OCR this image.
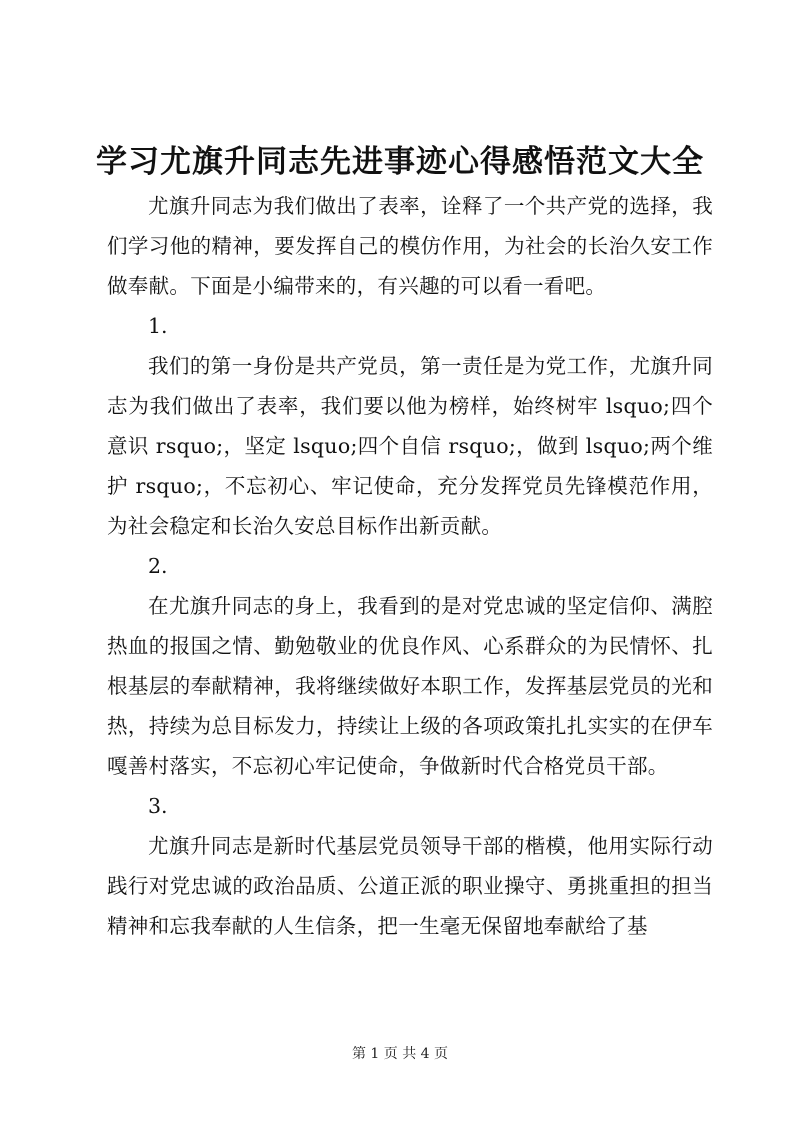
学习尤旗升同志先进事迹心得感悟范文大全

尤旗升同志为我们做出了表率，诠释了一个共产党的选择，我们学习他的精神，要发挥自己的模仿作用，为社会的长治久安工作做奉献。下面是小编带来的，有兴趣的可以看一看吧。

1.

我们的第一身份是共产党员，第一责任是为党工作，尤旗升同志为我们做出了表率，我们要以他为榜样，始终树牢 lsquo;四个意识 rsquo;，坚定 lsquo;四个自信 rsquo;，做到 lsquo;两个维护 rsquo;，不忘初心、牢记使命，充分发挥党员先锋模范作用，为社会稳定和长治久安总目标作出新贡献。

2.

在尤旗升同志的身上，我看到的是对党忠诚的坚定信仰、满腔热血的报国之情、勤勉敬业的优良作风、心系群众的为民情怀、扎根基层的奉献精神，我将继续做好本职工作，发挥基层党员的光和热，持续为总目标发力，持续让上级的各项政策扎扎实实的在伊车嘎善村落实，不忘初心牢记使命，争做新时代合格党员干部。

3.

尤旗升同志是新时代基层党员领导干部的楷模，他用实际行动践行对党忠诚的政治品质、公道正派的职业操守、勇挑重担的担当精神和忘我奉献的人生信条，把一生毫无保留地奉献给了基

第 1 页 共 4 页
